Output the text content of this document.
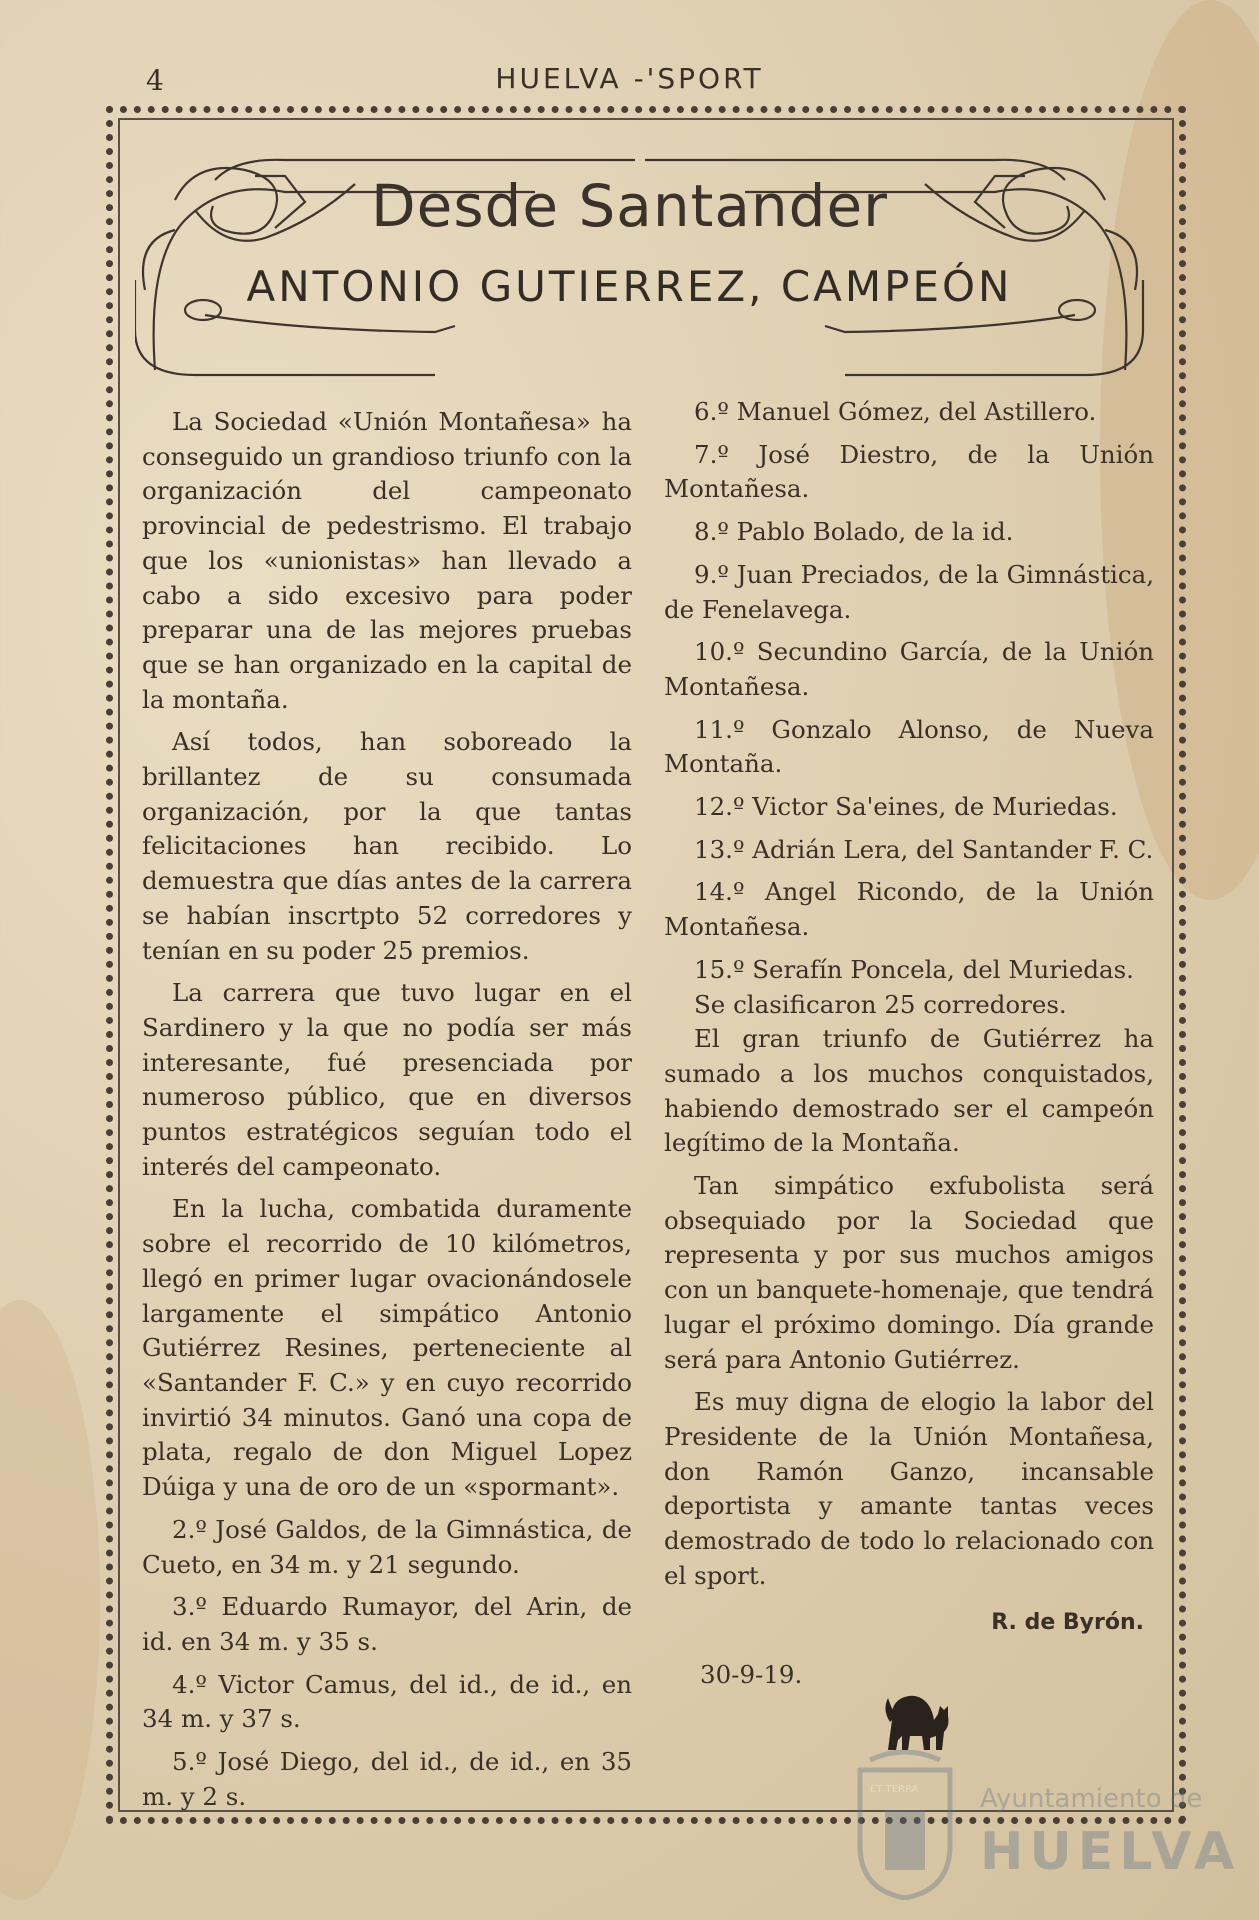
4	HUELVA -'SPORT
Desde Santander
ANTONIO GUTIERREZ, CAMPEÓN

La Sociedad «Unión Montañesa» ha conseguido un grandioso triunfo con la organización del campeonato provincial de pedestrismo. El trabajo que los «unionistas» han llevado a cabo a sido excesivo para poder preparar una de las mejores pruebas que se han organizado en la capital de la montaña.

Así todos, han soboreado la brillantez de su consumada organización, por la que tantas felicitaciones han recibido. Lo demuestra que días antes de la carrera se habían inscrtpto 52 corredores y tenían en su poder 25 premios.

La carrera que tuvo lugar en el Sardinero y la que no podía ser más interesante, fué presenciada por numeroso público, que en diversos puntos estratégicos seguían todo el interés del campeonato.

En la lucha, combatida duramente sobre el recorrido de 10 kilómetros, llegó en primer lugar ovacionándosele largamente el simpático Antonio Gutiérrez Resines, perteneciente al «Santander F. C.» y en cuyo recorrido invirtió 34 minutos. Ganó una copa de plata, regalo de don Miguel Lopez Dúiga y una de oro de un «spormant».

2.º José Galdos, de la Gimnástica, de Cueto, en 34 m. y 21 segundo.

3.º Eduardo Rumayor, del Arin, de id. en 34 m. y 35 s.

4.º Victor Camus, del id., de id., en 34 m. y 37 s.

5.º José Diego, del id., de id., en 35 m. y 2 s.

6.º Manuel Gómez, del Astillero.

7.º José Diestro, de la Unión Montañesa.

8.º Pablo Bolado, de la id.

9.º Juan Preciados, de la Gimnástica, de Fenelavega.

10.º Secundino García, de la Unión Montañesa.

11.º Gonzalo Alonso, de Nueva Montaña.

12.º Victor Sa'eines, de Muriedas.

13.º Adrián Lera, del Santander F. C.

14.º Angel Ricondo, de la Unión Montañesa.

15.º Serafín Poncela, del Muriedas.

Se clasificaron 25 corredores.

El gran triunfo de Gutiérrez ha sumado a los muchos conquistados, habiendo demostrado ser el campeón legítimo de la Montaña.

Tan simpático exfubolista será obsequiado por la Sociedad que representa y por sus muchos amigos con un banquete-homenaje, que tendrá lugar el próximo domingo. Día grande será para Antonio Gutiérrez.

Es muy digna de elogio la labor del Presidente de la Unión Montañesa, don Ramón Ganzo, incansable deportista y amante tantas veces demostrado de todo lo relacionado con el sport.

R. de Byrón.
30-9-19.
Ayuntamiento de
HUELVA
ET TERRA
